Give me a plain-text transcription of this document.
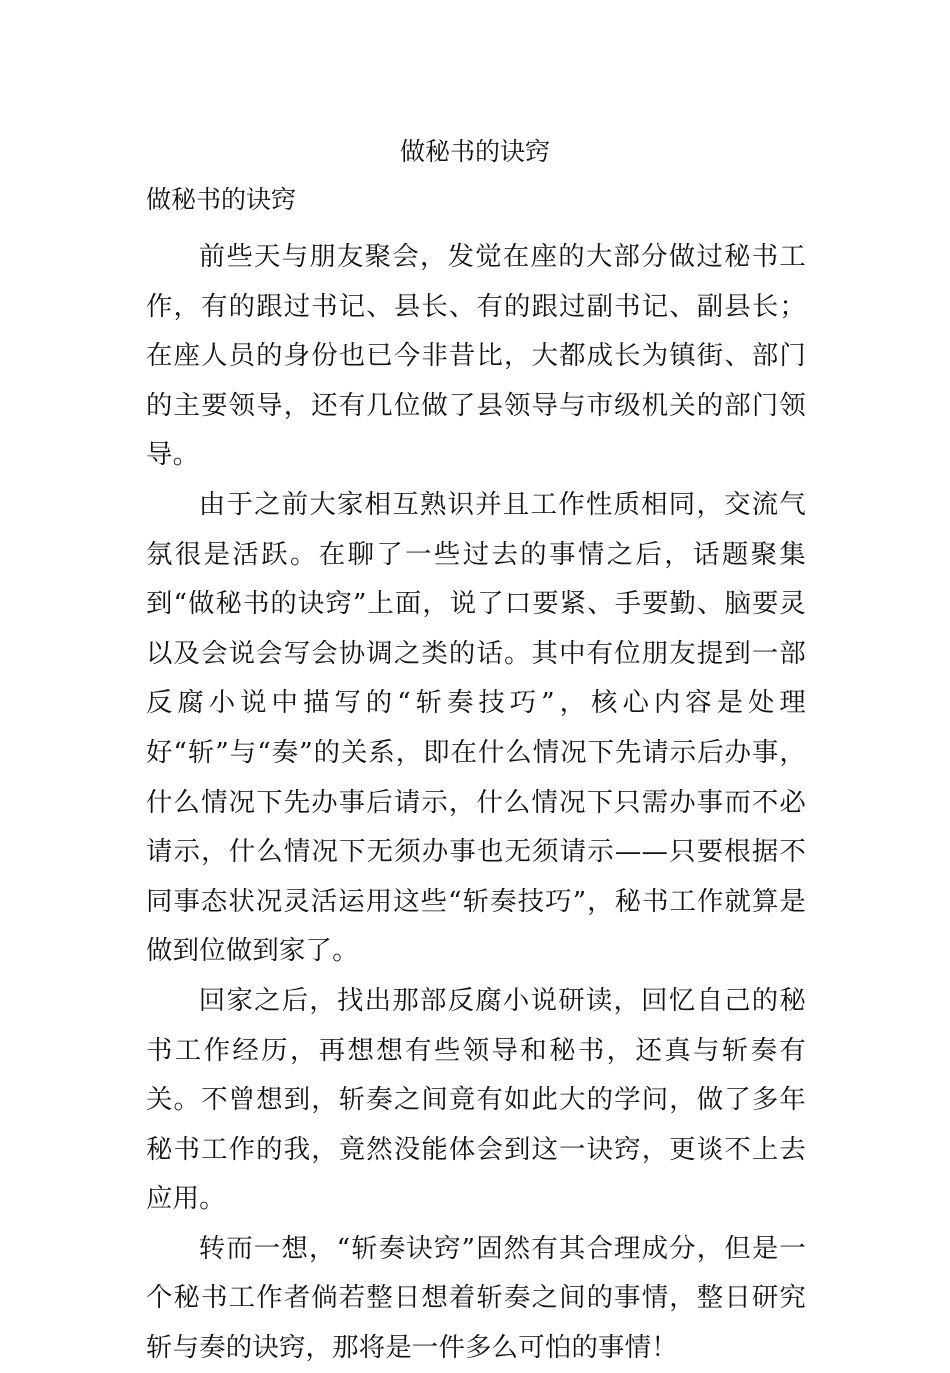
做秘书的诀窍
做秘书的诀窍

前些天与朋友聚会，发觉在座的大部分做过秘书工作，有的跟过书记、县长、有的跟过副书记、副县长；在座人员的身份也已今非昔比，大都成长为镇街、部门的主要领导，还有几位做了县领导与市级机关的部门领导。

由于之前大家相互熟识并且工作性质相同，交流气氛很是活跃。在聊了一些过去的事情之后，话题聚集到“做秘书的诀窍”上面，说了口要紧、手要勤、脑要灵以及会说会写会协调之类的话。其中有位朋友提到一部反腐小说中描写的“斩奏技巧”，核心内容是处理好“斩”与“奏”的关系，即在什么情况下先请示后办事，什么情况下先办事后请示，什么情况下只需办事而不必请示，什么情况下无须办事也无须请示——只要根据不同事态状况灵活运用这些“斩奏技巧”，秘书工作就算是做到位做到家了。

回家之后，找出那部反腐小说研读，回忆自己的秘书工作经历，再想想有些领导和秘书，还真与斩奏有关。不曾想到，斩奏之间竟有如此大的学问，做了多年秘书工作的我，竟然没能体会到这一诀窍，更谈不上去应用。

转而一想，“斩奏诀窍”固然有其合理成分，但是一个秘书工作者倘若整日想着斩奏之间的事情，整日研究斩与奏的诀窍，那将是一件多么可怕的事情！
